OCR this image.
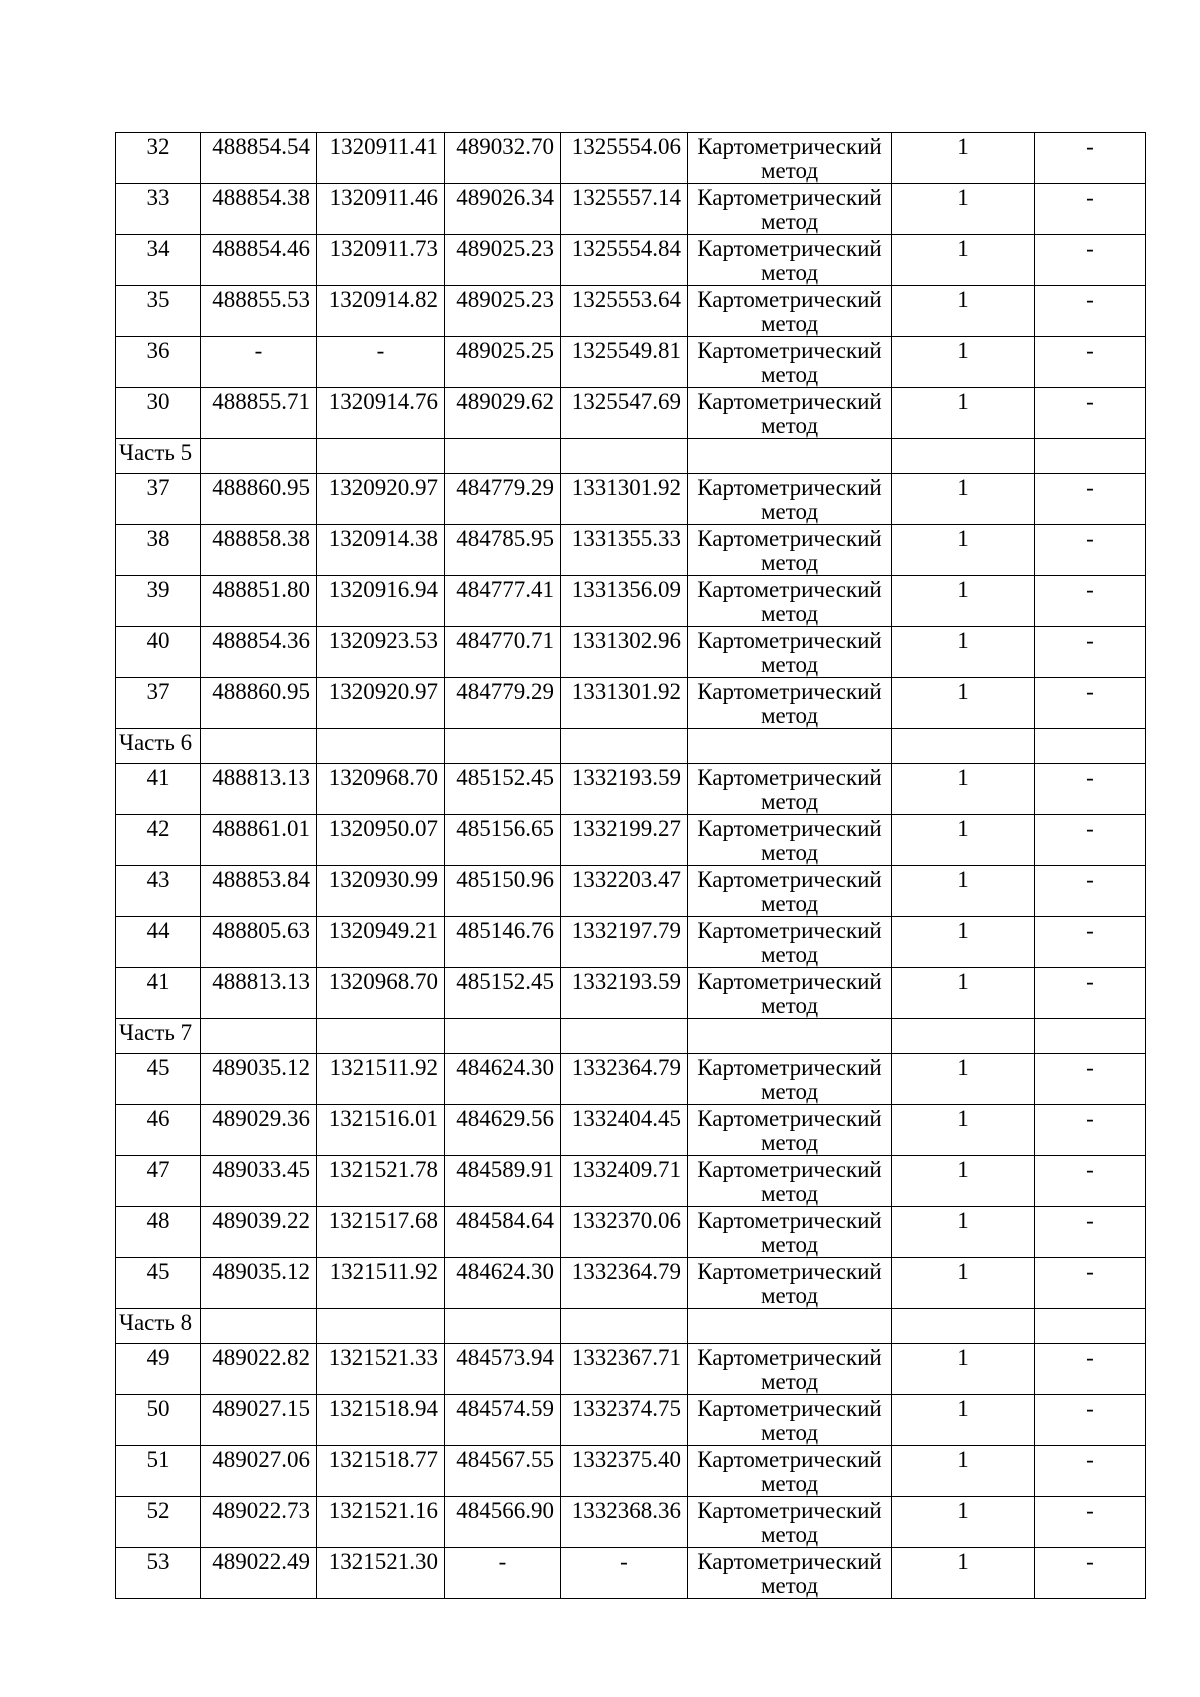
32	488854.54	1320911.41	489032.70	1325554.06	Картометрический
метод	1	-
33	488854.38	1320911.46	489026.34	1325557.14	Картометрический
метод	1	-
34	488854.46	1320911.73	489025.23	1325554.84	Картометрический
метод	1	-
35	488855.53	1320914.82	489025.23	1325553.64	Картометрический
метод	1	-
36	-	-	489025.25	1325549.81	Картометрический
метод	1	-
30	488855.71	1320914.76	489029.62	1325547.69	Картометрический
метод	1	-
Часть 5							
37	488860.95	1320920.97	484779.29	1331301.92	Картометрический
метод	1	-
38	488858.38	1320914.38	484785.95	1331355.33	Картометрический
метод	1	-
39	488851.80	1320916.94	484777.41	1331356.09	Картометрический
метод	1	-
40	488854.36	1320923.53	484770.71	1331302.96	Картометрический
метод	1	-
37	488860.95	1320920.97	484779.29	1331301.92	Картометрический
метод	1	-
Часть 6							
41	488813.13	1320968.70	485152.45	1332193.59	Картометрический
метод	1	-
42	488861.01	1320950.07	485156.65	1332199.27	Картометрический
метод	1	-
43	488853.84	1320930.99	485150.96	1332203.47	Картометрический
метод	1	-
44	488805.63	1320949.21	485146.76	1332197.79	Картометрический
метод	1	-
41	488813.13	1320968.70	485152.45	1332193.59	Картометрический
метод	1	-
Часть 7							
45	489035.12	1321511.92	484624.30	1332364.79	Картометрический
метод	1	-
46	489029.36	1321516.01	484629.56	1332404.45	Картометрический
метод	1	-
47	489033.45	1321521.78	484589.91	1332409.71	Картометрический
метод	1	-
48	489039.22	1321517.68	484584.64	1332370.06	Картометрический
метод	1	-
45	489035.12	1321511.92	484624.30	1332364.79	Картометрический
метод	1	-
Часть 8							
49	489022.82	1321521.33	484573.94	1332367.71	Картометрический
метод	1	-
50	489027.15	1321518.94	484574.59	1332374.75	Картометрический
метод	1	-
51	489027.06	1321518.77	484567.55	1332375.40	Картометрический
метод	1	-
52	489022.73	1321521.16	484566.90	1332368.36	Картометрический
метод	1	-
53	489022.49	1321521.30	-	-	Картометрический
метод	1	-
